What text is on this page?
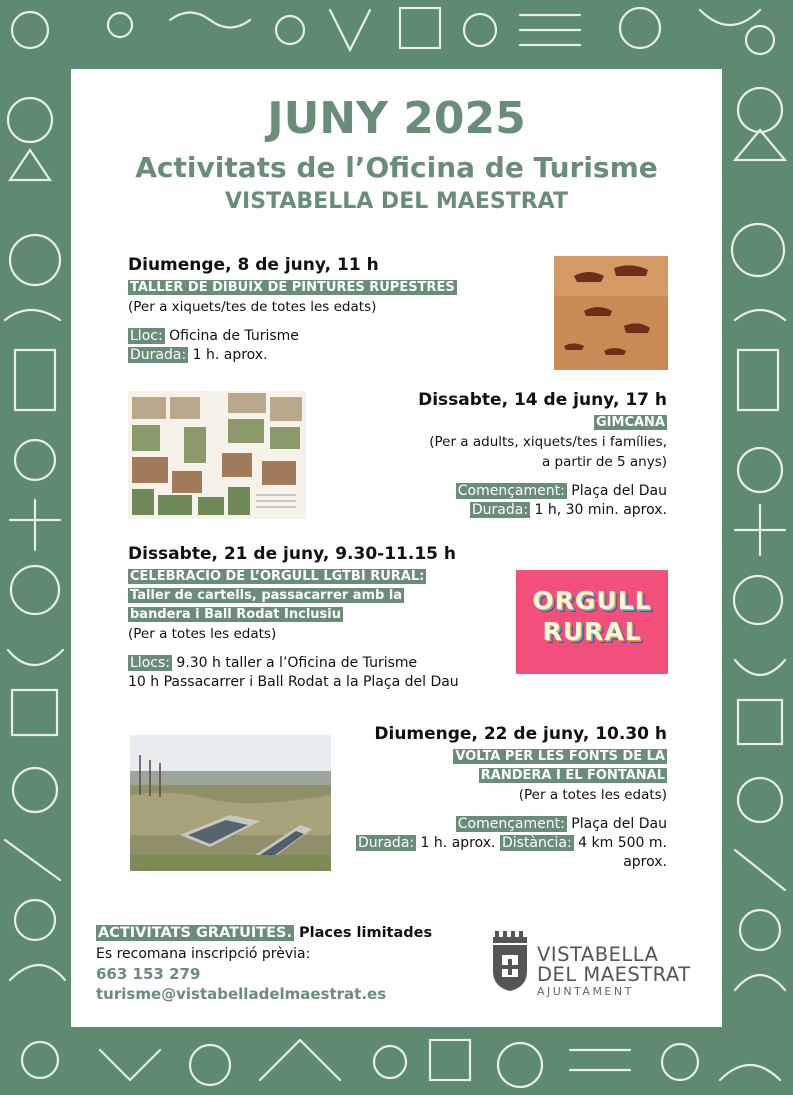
JUNY 2025
Activitats de l’Oficina de Turisme
VISTABELLA DEL MAESTRAT
Diumenge, 8 de juny, 11 h
TALLER DE DIBUIX DE PINTURES RUPESTRES
(Per a xiquets/tes de totes les edats)
Lloc: Oficina de Turisme
Durada: 1 h. aprox.
Dissabte, 14 de juny, 17 h
GIMCANA
(Per a adults, xiquets/tes i famílies,
a partir de 5 anys)
Començament: Plaça del Dau
Durada: 1 h, 30 min. aprox.
Dissabte, 21 de juny, 9.30-11.15 h
CELEBRACIÓ DE L’ORGULL LGTBI RURAL:
Taller de cartells, passacarrer amb la
bandera i Ball Rodat Inclusiu
(Per a totes les edats)
Llocs: 9.30 h taller a l’Oficina de Turisme
10 h Passacarrer i Ball Rodat a la Plaça del Dau
ORGULL
RURAL
Diumenge, 22 de juny, 10.30 h
VOLTA PER LES FONTS DE LA
RANDERA I EL FONTANAL
(Per a totes les edats)
Començament: Plaça del Dau
Durada: 1 h. aprox. Distància: 4 km 500 m.
aprox.
ACTIVITATS GRATUÏTES. Places limitades
Es recomana inscripció prèvia:
663 153 279
turisme@vistabelladelmaestrat.es
VISTABELLA
DEL MAESTRAT
AJUNTAMENT
